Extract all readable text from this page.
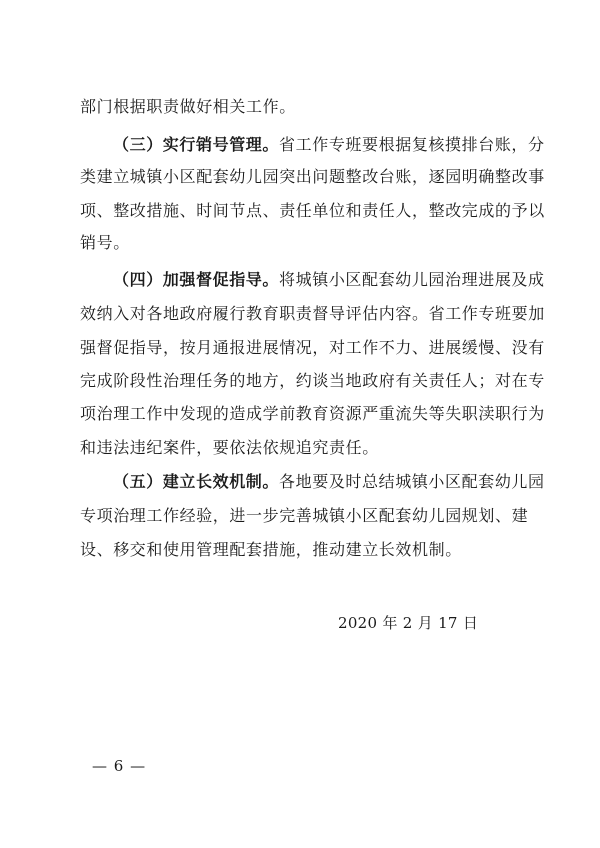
部门根据职责做好相关工作。
（三）实行销号管理。省工作专班要根据复核摸排台账，分
类建立城镇小区配套幼儿园突出问题整改台账，逐园明确整改事
项、整改措施、时间节点、责任单位和责任人，整改完成的予以
销号。
（四）加强督促指导。将城镇小区配套幼儿园治理进展及成
效纳入对各地政府履行教育职责督导评估内容。省工作专班要加
强督促指导，按月通报进展情况，对工作不力、进展缓慢、没有
完成阶段性治理任务的地方，约谈当地政府有关责任人；对在专
项治理工作中发现的造成学前教育资源严重流失等失职渎职行为
和违法违纪案件，要依法依规追究责任。
（五）建立长效机制。各地要及时总结城镇小区配套幼儿园
专项治理工作经验，进一步完善城镇小区配套幼儿园规划、建
设、移交和使用管理配套措施，推动建立长效机制。
2020 年 2 月 17 日
— 6 —
